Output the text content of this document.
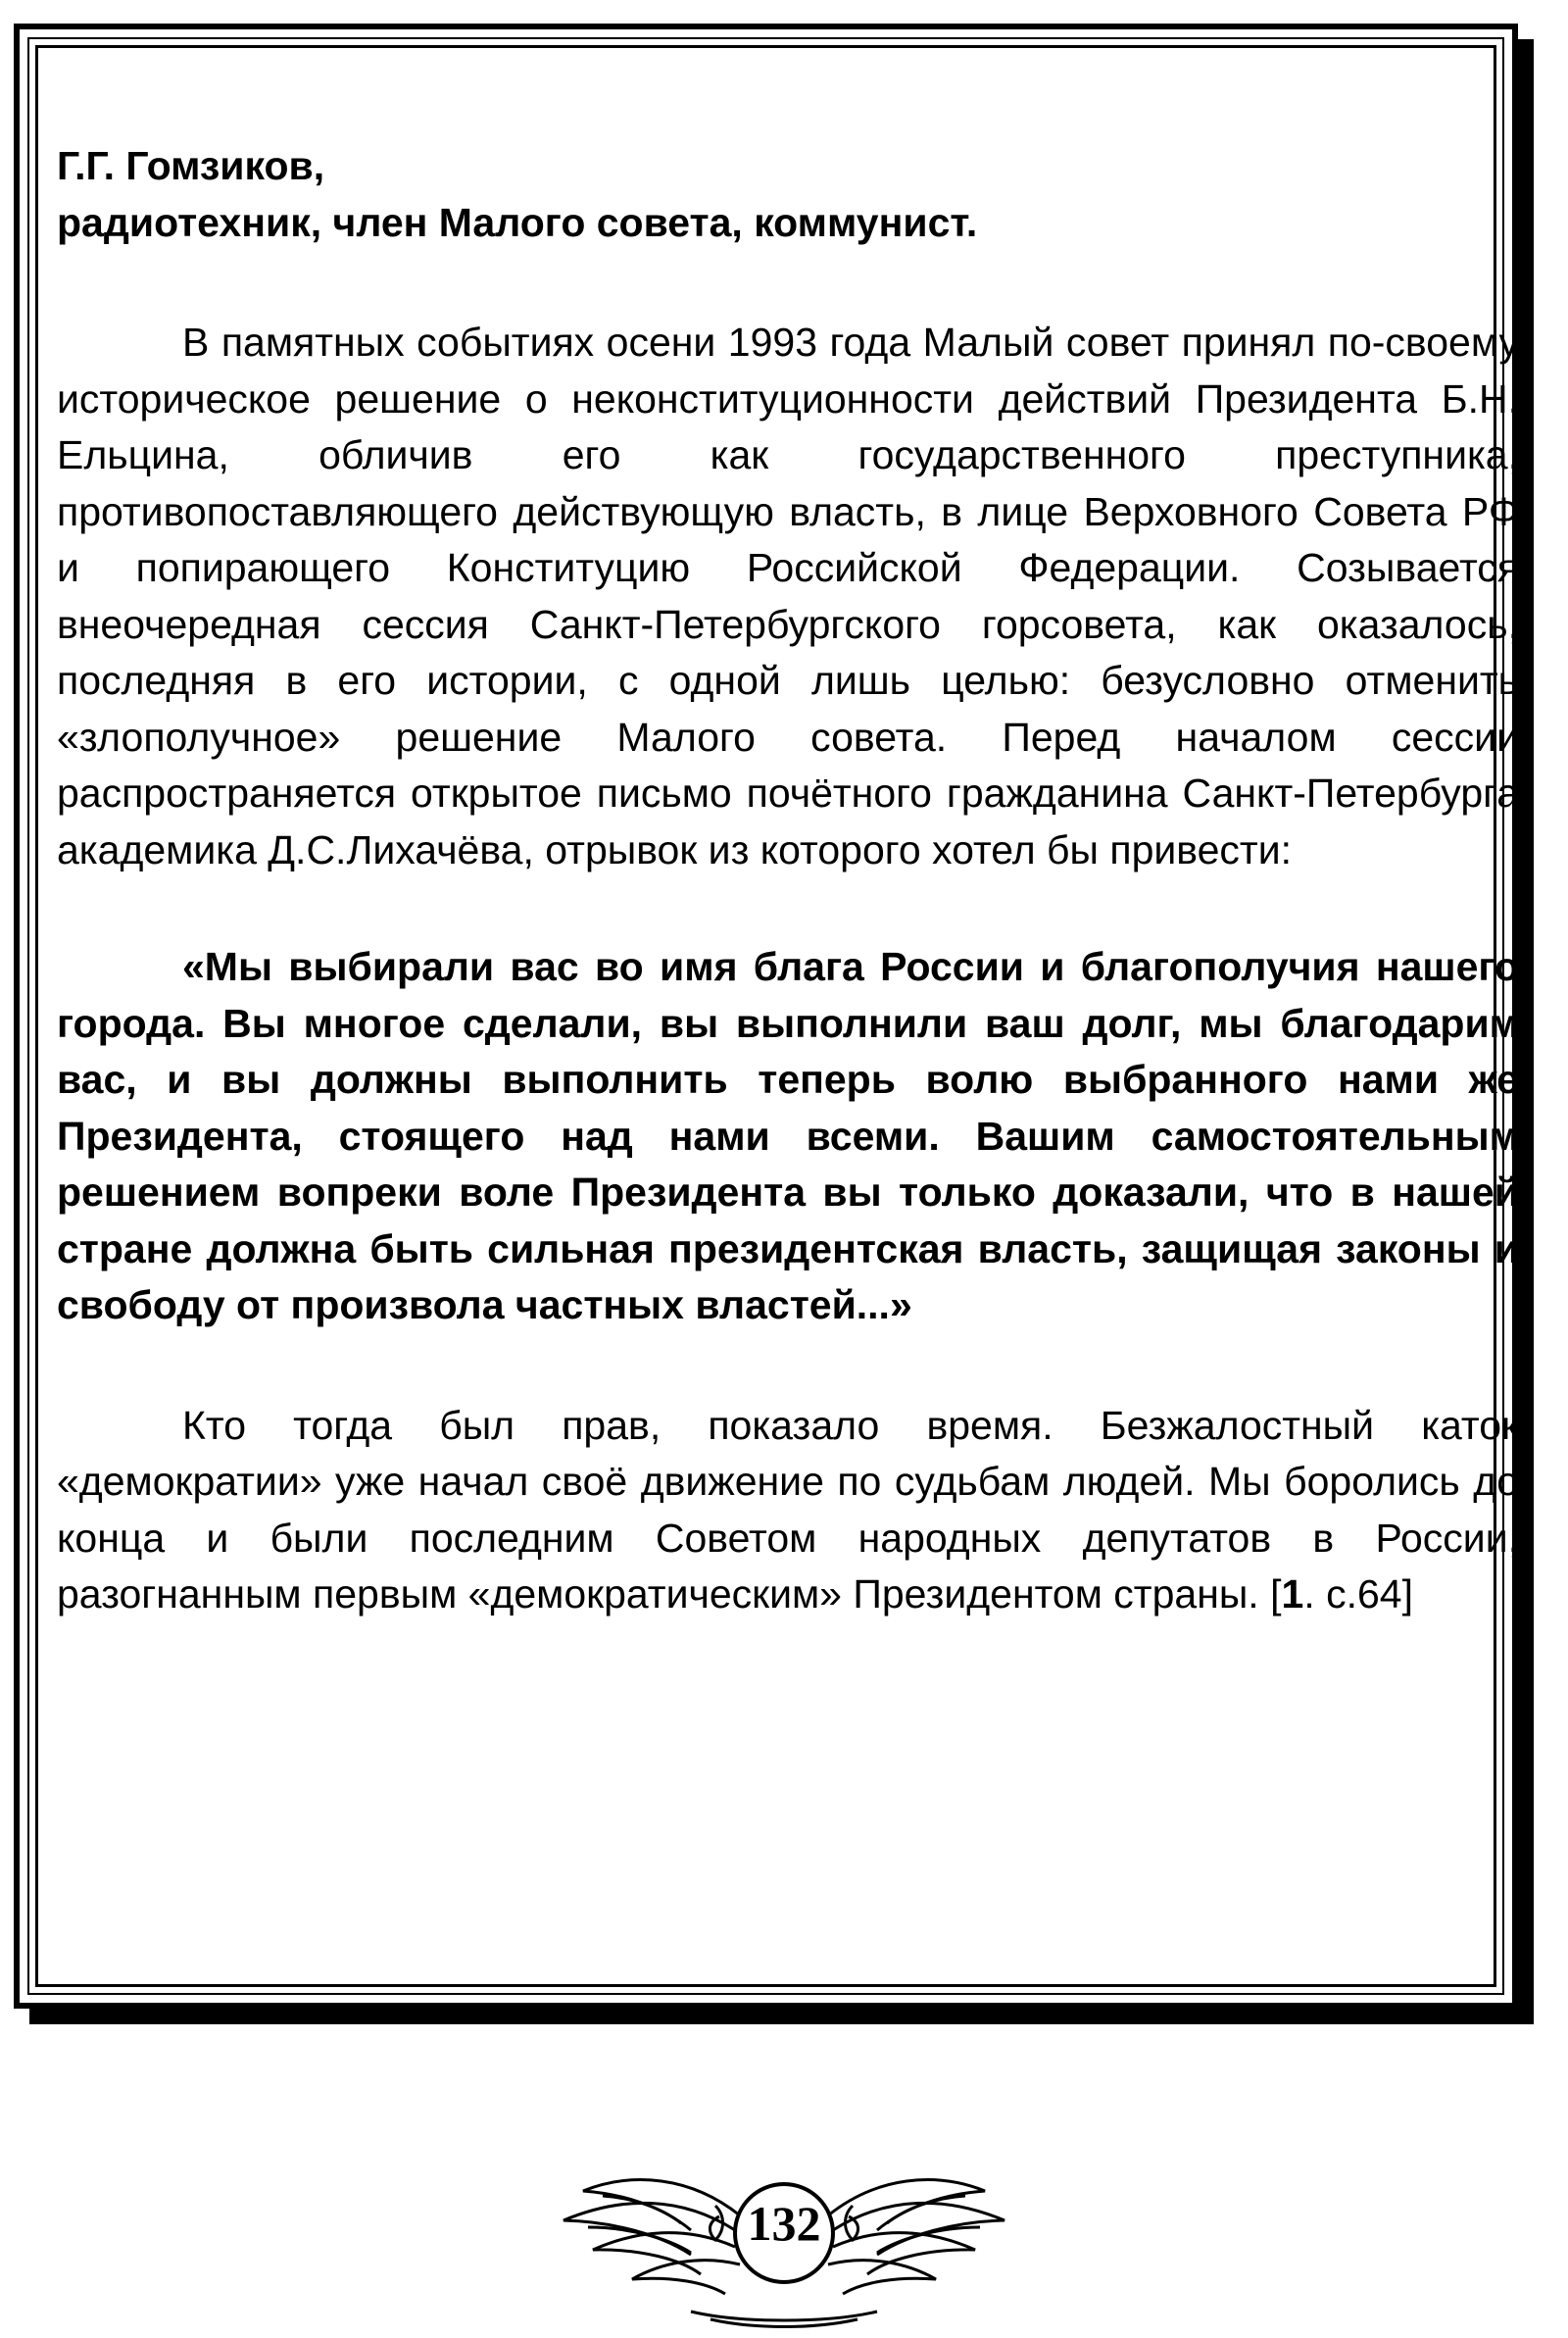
Г.Г. Гомзиков,

радиотехник, член Малого совета, коммунист.

В памятных событиях осени 1993 года Малый совет принял по-своему историческое решение о неконституционности действий Президента Б.Н. Ельцина, обличив его как государственного преступника, противопоставляющего действующую власть, в лице Верховного Совета РФ и попирающего Конституцию Российской Федерации. Созывается внеочередная сессия Санкт-Петербургского горсовета, как оказалось, последняя в его истории, с одной лишь целью: безусловно отменить «злополучное» решение Малого совета. Перед началом сессии распространяется открытое письмо почётного гражданина Санкт-Петербурга академика Д.С.Лихачёва, отрывок из которого хотел бы привести:

«Мы выбирали вас во имя блага России и благополучия нашего города. Вы многое сделали, вы выполнили ваш долг, мы благодарим вас, и вы должны выполнить теперь волю выбранного нами же Президента, стоящего над нами всеми. Вашим самостоятельным решением вопреки воле Президента вы только доказали, что в нашей стране должна быть сильная президентская власть, защищая законы и свободу от произвола частных властей...»

Кто тогда был прав, показало время. Безжалостный каток «демократии» уже начал своё движение по судьбам людей. Мы боролись до конца и были последним Советом народных депутатов в России, разогнанным первым «демократическим» Президентом страны. [1. с.64]

132
